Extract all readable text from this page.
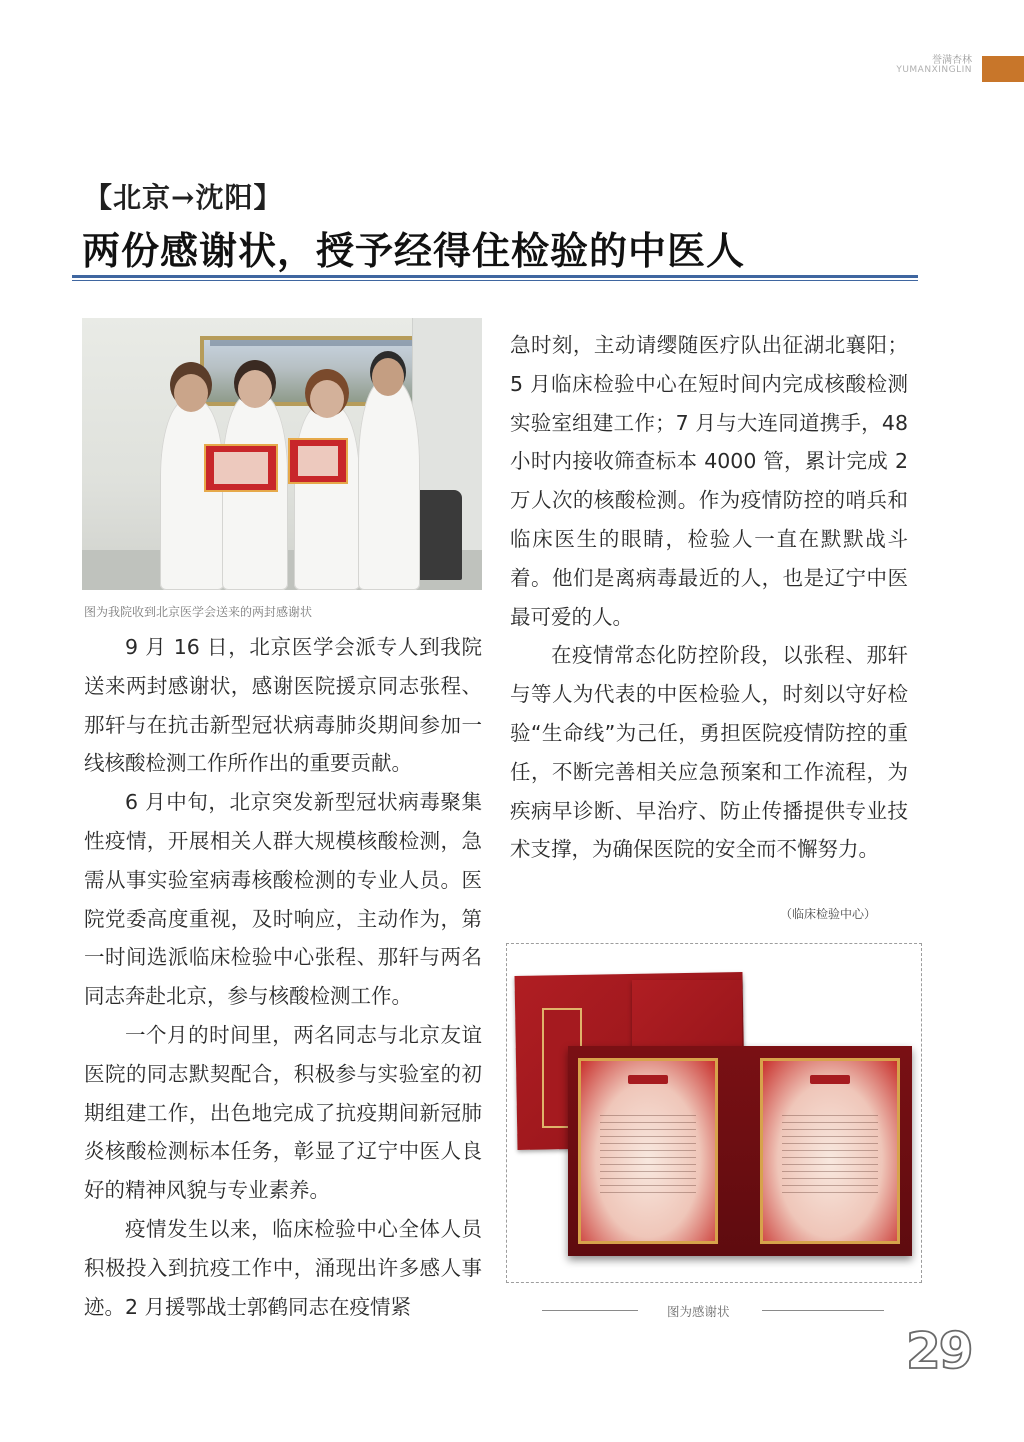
誉满杏林
YUMANXINGLIN
【北京→沈阳】
两份感谢状，授予经得住检验的中医人
图为我院收到北京医学会送来的两封感谢状

9 月 16 日，北京医学会派专人到我院送来两封感谢状，感谢医院援京同志张程、那轩与在抗击新型冠状病毒肺炎期间参加一线核酸检测工作所作出的重要贡献。

6 月中旬，北京突发新型冠状病毒聚集性疫情，开展相关人群大规模核酸检测，急需从事实验室病毒核酸检测的专业人员。医院党委高度重视，及时响应，主动作为，第一时间选派临床检验中心张程、那轩与两名同志奔赴北京，参与核酸检测工作。

一个月的时间里，两名同志与北京友谊医院的同志默契配合，积极参与实验室的初期组建工作，出色地完成了抗疫期间新冠肺炎核酸检测标本任务，彰显了辽宁中医人良好的精神风貌与专业素养。

疫情发生以来，临床检验中心全体人员积极投入到抗疫工作中，涌现出许多感人事迹。2 月援鄂战士郭鹤同志在疫情紧

急时刻，主动请缨随医疗队出征湖北襄阳；5 月临床检验中心在短时间内完成核酸检测实验室组建工作；7 月与大连同道携手，48 小时内接收筛查标本 4000 管，累计完成 2 万人次的核酸检测。作为疫情防控的哨兵和临床医生的眼睛，检验人一直在默默战斗着。他们是离病毒最近的人，也是辽宁中医最可爱的人。

在疫情常态化防控阶段，以张程、那轩与等人为代表的中医检验人，时刻以守好检验“生命线”为己任，勇担医院疫情防控的重任，不断完善相关应急预案和工作流程，为疾病早诊断、早治疗、防止传播提供专业技术支撑，为确保医院的安全而不懈努力。

（临床检验中心）
图为感谢状
29
